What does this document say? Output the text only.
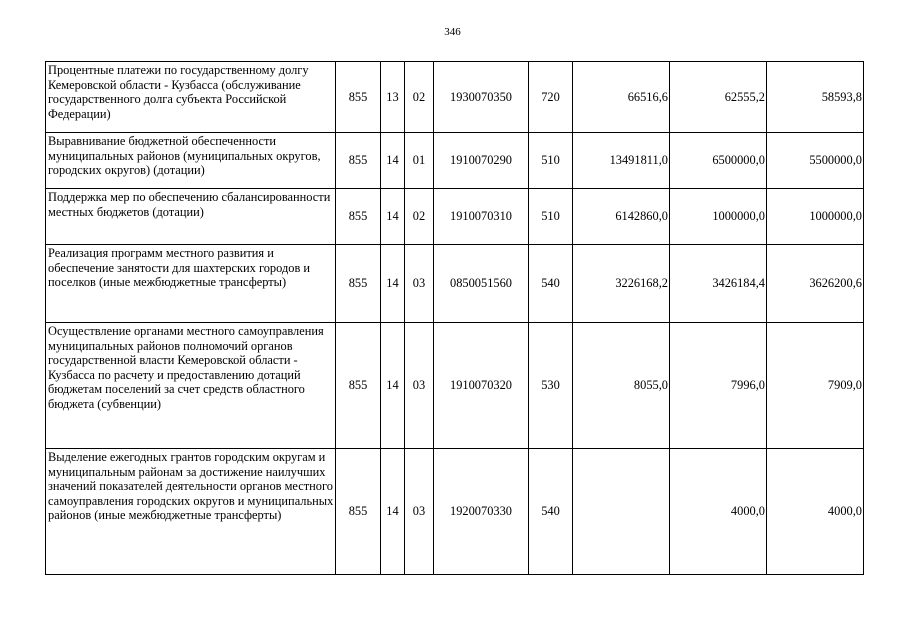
346
Процентные платежи по государственному долгу Кемеровской области - Кузбасса (обслуживание государственного долга субъекта Российской Федерации)	855	13	02	1930070350	720	66516,6	62555,2	58593,8
Выравнивание бюджетной обеспеченности муниципальных районов (муниципальных округов, городских округов) (дотации)	855	14	01	1910070290	510	13491811,0	6500000,0	5500000,0
Поддержка мер по обеспечению сбалансированности местных бюджетов (дотации)	855	14	02	1910070310	510	6142860,0	1000000,0	1000000,0
Реализация программ местного развития и обеспечение занятости для шахтерских городов и поселков (иные межбюджетные трансферты)	855	14	03	0850051560	540	3226168,2	3426184,4	3626200,6
Осуществление органами местного самоуправления муниципальных районов полномочий органов государственной власти Кемеровской области - Кузбасса по расчету и предоставлению дотаций бюджетам поселений за счет средств областного бюджета (субвенции)	855	14	03	1910070320	530	8055,0	7996,0	7909,0
Выделение ежегодных грантов городским округам и муниципальным районам за достижение наилучших значений показателей деятельности органов местного самоуправления городских округов и муниципальных районов (иные межбюджетные трансферты)	855	14	03	1920070330	540		4000,0	4000,0
